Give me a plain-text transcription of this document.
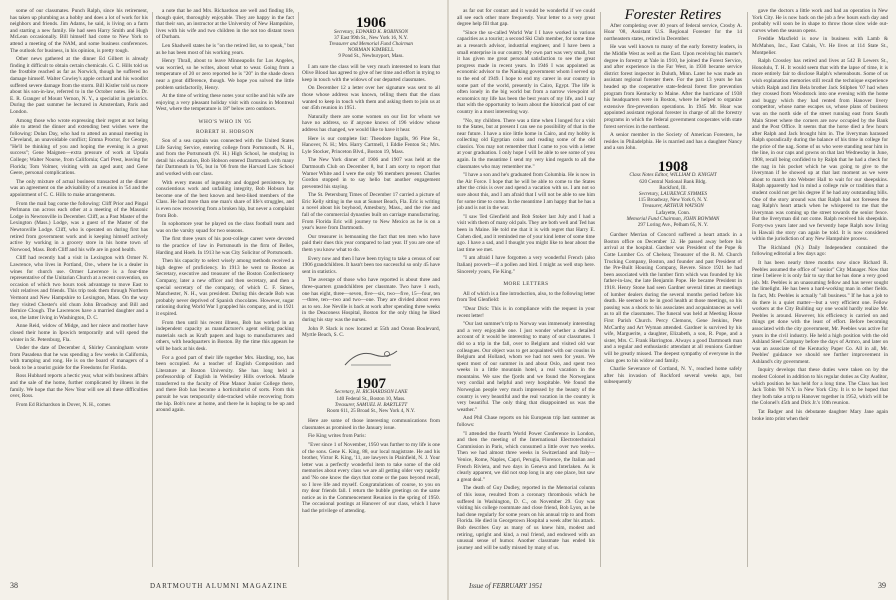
some of our classmates. Punch Ralph, since his retirement, has taken up plumbing as a hobby and does a lot of work for his neighbors and friends. Jim Adams, he said, is living on a farm and starting a new family. He had seen Harry Smith and Hugh McLean occasionally. Bill himself had come to New York to attend a meeting of the NAM, and some business conferences. The outlook for business, in his opinion, is pretty tough.

Other news gathered at the dinner Ed Gilbert is already finding it difficult to obtain certain chemicals. G. C. Hills told us the frostbite reached as far as Norwich, though he suffered no damage himself. Walter Cowley's apple orchard and his woodlot suffered severe damage from the storm. Bill Kistler told us more about his son-in-law, referred to in the October notes. He is Dr. E. R. Granger of Mount Vernon, N. Y., a specialist in geriatrics. During the past summer he lectured in Amsterdam, Paris and London.

Among those who wrote expressing their regret at not being able to attend the dinner and extending best wishes were the following: Dolan Day, who had to attend an annual meeting in Cleveland, an unavoidable conflict; Emma Proctor, for George, "He'll be thinking of you and hoping the evening is a great success"; Gene Maignen—extra pressure of work at Upsala College; Walter Nourse, from California; Carl Prest, leaving for Florida; Tom Volmer, visiting with an aged aunt; and Gene Geere, personal complications.

The only mixture of actual business transacted at the dinner was an agreement on the advisability of a reunion in '54 and the appointment of C. C. Hills to make arrangements.

From the mail bag come the following: Cliff Prior and Pingal Perlmann ran across each other at a meeting of the Masonic Lodge in Newtonville in December. Cliff, as a Past Master of the Lexington (Mass.) Lodge, was a guest of the Master of the Newtonville Lodge. Cliff, who is operated on during first has retired from government work and is keeping himself actively active by working in a grocery store in his home town of Norwood, Mass. Both Cliff and his wife are in good health.

Cliff had recently had a visit in Lexington with Ormer N. Lawrence, who lives in Portland, Ore., where he is a dealer in wines for church use. Ormer Lawrence is a four-time representative of the Unitarian Church at a recent convention, on occasion of which two hours took advantage to move East to visit relatives and friends. This trip took them through Northern Vermont and New Hampshire to Lexington, Mass. On the way they visited Chester's old chum John Broadway and Bill and Bernice Clough. The Lawrences have a married daughter and a son, the latter living in Washington, D. C.

Anne Reid, widow of Midge, and her niece and mother have closed their home in Ipswich temporarily and will spend the winter in St. Petersburg, Fla.

Under the date of December 4, Shirley Cunningham wrote from Pasadena that he was spending a few weeks in California, with tramping and rong. He is on the board of managers of a book to be a tourist guide for the Freedoms for Florida.

Ross Hubbard reports a hectic year, what with business affairs and the sale of the home, further complicated by illness in the family. We hope that the New Year will see all these difficulties over, Ross.

From Ed Richardson in Dover, N. H., comes

a note that he and Mrs. Richardson are well and finding life, though quiet, thoroughly enjoyable. They are happy in the fact that their son, an instructor at the University of New Hampshire, lives with his wife and two children in the not too distant town of Durham.

Len Shadwell states he is "on the retired list, so to speak," but as he has been most of his working years.

Henry Thrall, about to leave Minneapolis for Los Angeles, was worried, so he writes, about what to wear. Going from a temperature of 20 or zero reported he is "20" in the shade down near a great difference, though. We hope you solved the little problem satisfactorily, Henry.

At the time of writing these notes your scribe and his wife are enjoying a very pleasant holiday visit with cousins in Montreal West, where the temperature is 18° below zero outdoors.

WHO'S WHO IN '05
ROBERT H. HOBSON

Son of a sea captain was connected with the United States Life Saving Service, entering college from Portsmouth, N. H., and from the Portsmouth (N. H.) High School, he studying in detail his education, Bob Hobson entered Dartmouth with many fair Dartmouth in '05, but in '06 from the Harvard Law School and worked with our class.

With every means of ingenuity and dogged persistence, by conscientious work and unfailing integrity, Bob Hobson has become one of the best known and best-liked members of the Class. He had more than one man's share of life's struggles, and is even now recovering from a broken hip, but never a complaint from Bob.

In sophomore year he played on the class football team and was on the varsity squad for two seasons.

The first three years of his post-college career were devoted to the practice of law in Portsmouth in the firm of Belles, Harding and Hoeb. In 1913 he was City Solicitor of Portsmouth.

Then his capacity to select wisely among methods received a high degree of proficiency. In 1913 he went to Boston as Secretary, executive and treasurer of the Boston Confectionery Company, later a new officer and then secretary, and then a special secretary of the company, of which C. F. Simes, Manchester, N. H., was president. During this decade Bob was probably never deprived of Spanish chocolates. However, sugar rationing during World War I grappled his company, and in 1921 it expired.

From then until his recent illness, Bob has worked in an independent capacity as manufacturer's agent selling packing materials such as Kraft papers and bags to manufacturers and others, with headquarters in Boston. By the time this appears he will be back at his desk.

For a good part of their life together Mrs. Harding, too, has been occupied. As a teacher of English Composition and Literature at Boston University. She has long held a professorship of English in Wellesley Hills overlook. Maude transferred to the faculty of Pine Manor Junior College there, and there Bob has become a horticulturist of sorts. From this pursuit he was temporarily side-tracked while recovering from the hip. Bob's now at home, and there he is hoping to be up and around again.

1906
Secretary, EDWARD K. ROBINSON
37 East 99th St., New York 16, N.Y.
Treasurer and Memorial Fund Chairman
NORMAN KIMBELL
9 Pond St., Newburyport, Mass.

I am sure the class will be very much interested to learn that Olive Blood has agreed to give of her time and effort in trying to keep in touch with the widows of our departed classmates.

On December 12 a letter over her signature was sent to all those whose address was known, telling them that the class wanted to keep in touch with them and asking them to join us at our 45th reunion in 1951.

Naturally there are some women on our list for whom we have no address, so if anyone knows of 196 widow whose address has changed, we would like to have it hear.

Here is our complete list: Theodore Ingalls, 96 Pine St., Hanover, N. H.; Mrs. Harry Cartmell, 1 Eddie Fenton St.; Mrs. Lyle Stocker, Princeton Blvd., Boston 19, Mass.

The New York dinner of 1906 and 1907 was held at the Dartmouth Club on December 8, but I am sorry to report that Warner White and I were the only '06 members present. Charles Gordon stopped in to say hello but another engagement prevented his staying.

The St. Petersburg Times of December 17 carried a picture of Eric Kelly sitting in the sun at Sunset Beach, Fla. Eric is writing a novel about his boyhood, Amesbury, Mass., and the rise and fall of the commercial dynasties built on carriage manufacturing. From Florida Eric will journey to New Mexico as he is on a year's leave from Dartmouth.

Our treasurer is bemoaning the fact that ten men who have paid their dues this year compared to last year. If you are one of them you know what to do.

Every now and then I have been trying to take a census of our 1906 grandchildren. It hasn't been too successful so only 45 have sent in statistics.

The average of those who have reported is about three and three-quarters grandchildren per classmate. Two have 1 each, one has eight, three—seven, five—six, two—five, 15—four, ten—three, ten—two and two—one. They are divided about even as to sex. Joe Neville is back at work after spending three weeks in the Deaconess Hospital, Boston for the only thing he liked during his stay was the nurses.

John P. Slack is now located at 55th and Ocean Boulevard, Myrtle Beach, S. C.

1907
Secretary, H. RICHARDSON LANE
140 Federal St., Boston 10, Mass.
Treasurer, SAMUEL H. BARTLETT
Room 611, 25 Broad St., New York 4, N.Y.

Here are some of those interesting communications from classmates as promised in the January issue.

Fie King writes from Paris:

"Ever since 1 of November, 1950 was further to my life is one of the sons. Gene K. King, 88, our local magistrate. He and his brother, Victor R. King, '11, are lawyers in Plainfield, N. J. Your letter was a perfectly wonderful item to take some of the old memories about every class we are all getting older very rapidly and 'No one know the days that come or the pass beyond recall, so I love life and myself. Congratulations of course, to you on my dear friends fall. I return the bubble greetings on the same notice as in the Commencement Reunion in the spring of 1950. The occasional postings at Hanover of our class, which I have had the privilege of attending.

38	DARTMOUTH ALUMNI MAGAZINE

as far out for contact and it would be wonderful if we could all see each other more frequently. Your letter to a very great degree help fill that gap.

"Since the so-called World War I I have worked in various capacities as a tourist; a second Ski Club member, for some time as a research advisor, industrial engineer, and I have been a small enterprise in our country. My own part was very small, but it has given me great personal satisfaction to see the great progress made in recent years. In 1946 I was appointed as economic advisor to the Nanking government whom I served up to the end of 1949. I hope to end my career in our country in some part of the world, presently in Cairo, Egypt. The life is often lonely in the big world but from a narrow viewpoint of economics my life has been the best years of my life, and I say that with the opportunity to learn about the historical past of our country in a most interesting way.

"No, my children. There was a time when I longed for a visit to the States, but at present I can see no possibility of that in the near future. I have a nice little home in Cairo, and my hobby is collecting old Egyptian coins and reading some of the old classics. You may not remember that I came to you with a letter at your graduation. I only hope I will be able to see some of you again. In the meantime I send my very kind regards to all the classmates who may remember me."

"I have a son and he's graduated from Columbia. He is now in the Air Force. I hope that he will be able to come to the States after the crisis is over and spend a vacation with us. I am not so sure about this, and I am afraid that I will not be able to see him for some time to come. In the meantime I am happy that he has a job and is not in the war.

"I saw Ted Glenfield and Bob Stoker last July and I had a visit with them of many old pals. They are both well and Ted has been in Maine. He told me that it is with regret that Harry E. Cohen died, and it reminded me of your kind letter of some time ago. I have a sad, and I thought you might like to hear about the last time we met.

"I am afraid I have forgotten a very wonderful French (also Italian) proverb—if a pollen and bird. I might as well stop here. Sincerely yours, Fie King."

MORE LETTERS

All of which is a fine introduction, also, to the following letter from Ted Glenfield:

"Dear Dick: This is in compliance with the request in your recent letter!

"Our last summer's trip to Norway was immensely interesting and a very enjoyable one. I just wonder whether a detailed account of it would be interesting to many of our classmates. I did so a trip in the fall, over to Belgium and visited old war colleagues. Our object was to get acquainted with our cousins in Belgium and Holland, whom we had not seen for years. We spent most of our summer in and about Oslo, and spent two weeks in a little mountain hotel, a real vacation in the mountains. We saw the fjords and we found the Norwegians very cordial and helpful and very hospitable. We found the Norwegian people very much impressed by the beauty of the country is very beautiful and the real vacation in the country is very beautiful. The only thing that disappointed us was the weather."

And Phil Chase reports on his European trip last summer as follows:

"I attended the fourth World Power Conference in London, and then the meeting of the International Electrotechnical Commission in Paris, which consumed a little over two weeks. Then we had almost three weeks in Switzerland and Italy—Venice, Rome, Naples, Capri, Perugia, Florence, the Italian and French Riviera, and two days in Geneva and Interlaken. As is clearly apparent, we did not stop long in any one place, but saw a great deal."

The death of Guy Dudley, reported in the Memorial column of this issue, resulted from a coronary thrombosis which he suffered in Washington, D. C., on November 29. Guy was visiting his college roommate and close friend, Bob Lyon, as he had done regularly for some years on his annual trip to and from Florida. He died in Georgetown Hospital a week after his attack. Bob describes Guy as many of us knew him, modest and retiring, upright and kind, a real friend, and endowed with an unusual sense of humor. Another classmate has ended his journey and will be sadly missed by many of us.

Forester Retires

After completing over 40 years of federal service, Crosby A. Hoar '08, Assistant U.S. Regional Forester for the 14 northeastern states, retired in December.

He was well known to many of the early forestry leaders, in the Middle West as well as the East. Upon receiving his master's degree in forestry at Yale in 1910, he joined the Forest Service, and after experience in the Far West, in 1930 became service district forest inspector in Duluth, Minn. Later he was made an assistant regional forester there. For the past 13 years he has headed up the cooperative state-federal forest fire prevention program from Kentucky to Maine. After the hurricane of 1938 his headquarters were in Boston, where he helped to organize extensive fire-prevention operations. In 1945 Mr. Hoar was appointed assistant regional forester in charge of all the forestry programs in which the federal government cooperates with state forest services in the northeast.

A senior member in the Society of American Foresters, he resides in Philadelphia. He is married and has a daughter Nancy and a son John.

1908
Class Notes Editor, WILLIAM D. KNIGHT
620 Central National Bank Bldg.
Rockford, Ill.
Secretary, LAURENCE SYMMES
115 Broadway, New York 6, N. Y.
Treasurer, ARTHUR WATSON
Lafayette, Conn.
Memorial Fund Chairman, JOHN BOWMAN
297 Loring Ave., Pelham 65, N. Y.

Gardner Merrian of Concord suffered a heart attack in a Boston office on December 12. He passed away before his arrival at the hospital. Gardner was President of the Pope & Cotte Lumber Co. of Chelsea; Treasurer of the R. M. Church Trucking Company, Boston, and founder and past President of the Pre-Built Housing Company, Revere. Since 1921 he had been associated with the lumber firm which was founded by his father-in-law, the late Benjamin Pope. He became President in 1918. Henry Stone had seen Gardner several times at meetings of lumber dealers during the several months period before his death. He seemed to be in good health at those meetings, so his passing was a shock to his associates and acquaintances as well as to all the classmates. The funeral was held at Meeting House First Parish Church. Percy Clemons, Gene Jenkins, Pete McCarthy and Art Wyman attended. Gardner is survived by his wife, Marguerite, a daughter, Elizabeth, a son, R. Pope, and a sister, Mrs. C. Frank Harrington. Always a good Dartmouth man and a regular and enthusiastic attendant at all reunions Gardner will be greatly missed. The deepest sympathy of everyone in the class goes to his widow and family.

Charlie Severance of Cortland, N. Y., reached home safely after his invasion of Rockford several weeks ago, but subsequently

gave the doctors a little work and had an operation in New York City. He is now back on the job a few hours each day and probably will soon be in shape to throw those slow wide out-curves when the season opens.

Freddie Maxfield is now in business with Lamb & McMahon, Inc., East Calais, Vt. He lives at 114 State St., Montpelier.

Ralph Crossley has retired and lives at 542 B Lewers St., Honolulu, T. H. It would seem that with the lapse of time, it is more entirely fair to disclose Ralph's whereabouts. Some of us wish explanation memories still recall the technique experience which Ralph and Jim Bela brother Jack Stilphen '07 had when they crossed from Woodstock into one evening with the home and buggy which they had rented from Hanover livery competitor, whose name escapes us, whose plans of business was on the north side of the street running east from South Main Street where the corners are now occupied by the Bank and the Post Office. It seems that the horse died a few hours after Ralph and Jack brought him in. The liveryman harassed Ralph sporadically during the balance of his time in college for the price of the nag. Some of us who were standing near him in the line, in our caps and gowns on that last Wednesday in June, 1908, recall being confided to by Ralph that he had a check for the nag in his pocket which he was going to give to the liveryman if he showed up at that last moment as we were about to march into Webster Hall to wait for our sheepskins. Ralph apparently had in mind a college rule or tradition that a student could not get his degree if he had any outstanding bills. One of the story around was that Ralph had not foreseen the nag Ralph's heart attack when he whispered to me that the liveryman was coming up the street towards the senior fence. But the liveryman did not come. Ralph received his sheepskin. Forty-two years later and we fervently hope Ralph now living in Hawaii the story can again be told. It is now considered within the jurisdiction of any New Hampshire process.

The Richland (N.) Daily Independent contained the following editorial a few days ago:

It has been nearly three months now since Richard R. Peebles assumed the office of "senior" City Manager. Now that time I believe it is only fair to say that he has done a very good job. Mr. Peebles is an unassuming fellow and has never sought the limelight. He has been a hard-working man in other fields. In fact, Mr. Peebles is actually "all business." If he has a job to do there is a quiet matter—but a very efficient one. Fellow workers at the City Building say one would hardly realize Mr. Peebles is around. However, his efficiency is carried on and things get done with the least of effort. Before becoming associated with the city government, Mr. Peebles was active for years in the civil industry. He held a high position with the old Ashland Steel Company before the days of Armco, and later on was an associate of the Kentucky Paper Co. All in all, Mr. Peebles' guidance we should see further improvement in Ashland's city government.

Inquiry develops that these duties were taken on by the modest Colonel in addition to his regular duties as City Auditor, which position he has held for a long time. The Class has lost Jack Tobin '08 N.Y. in New York City. It is to be hoped that they both take a trip to Hanover together in 1952, which will be the Colonel's 45th and Dick Jr.'s 10th reunion.

Tat Badger and his debutante daughter Mary Jane again broke into print when their

Issue of FEBRUARY 1951	39
